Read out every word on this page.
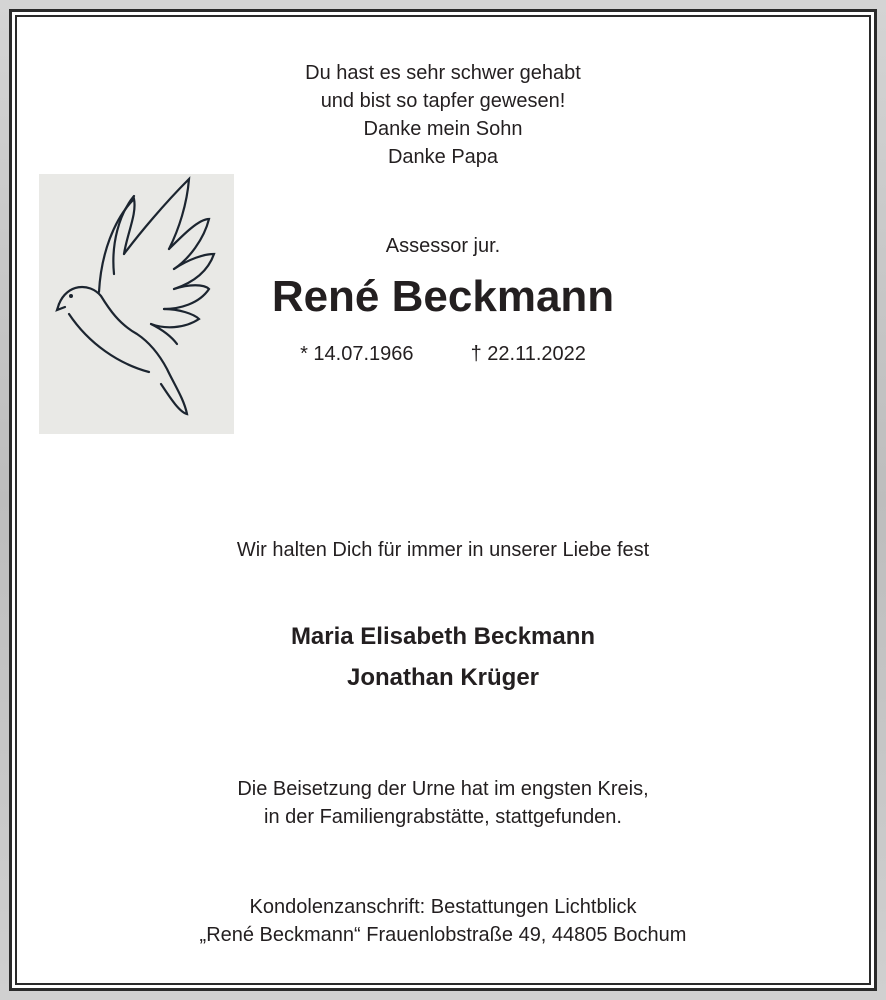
Du hast es sehr schwer gehabt
und bist so tapfer gewesen!
Danke mein Sohn
Danke Papa
Assessor jur.
René Beckmann
* 14.07.1966	† 22.11.2022
Wir halten Dich für immer in unserer Liebe fest
Maria Elisabeth Beckmann
Jonathan Krüger
Die Beisetzung der Urne hat im engsten Kreis,
in der Familiengrabstätte, stattgefunden.
Kondolenzanschrift: Bestattungen Lichtblick
„René Beckmann“ Frauenlobstraße 49, 44805 Bochum
